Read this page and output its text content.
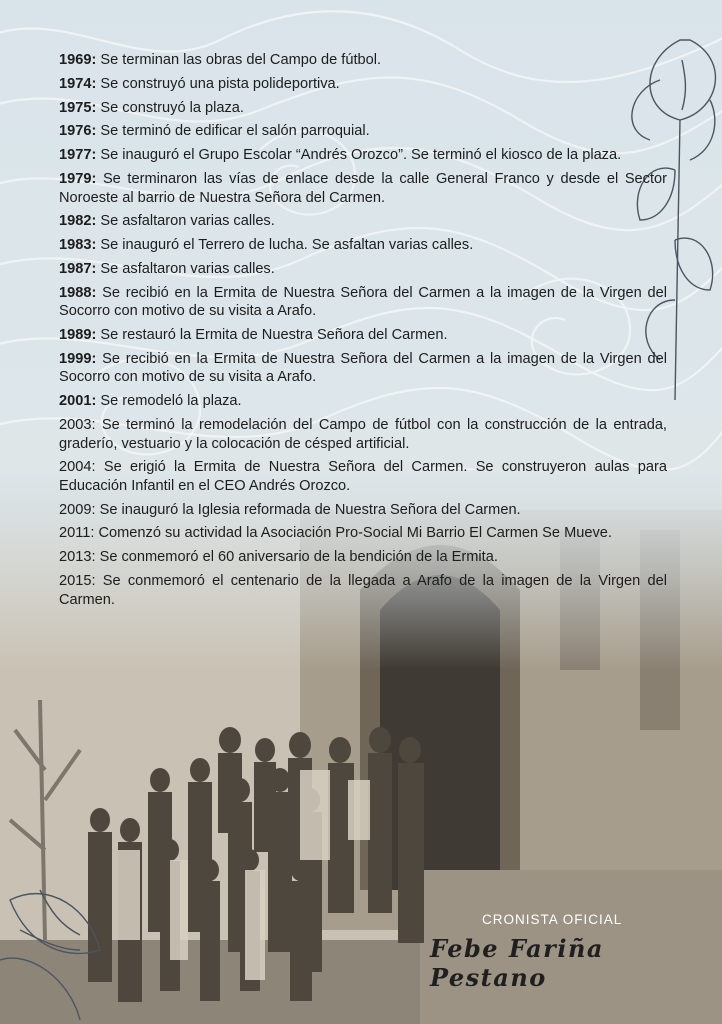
1969: Se terminan las obras del Campo de fútbol.
1974: Se construyó una pista polideportiva.
1975: Se construyó la plaza.
1976: Se terminó de edificar el salón parroquial.
1977: Se inauguró el Grupo Escolar “Andrés Orozco”. Se terminó el kiosco de la plaza.
1979: Se terminaron las vías de enlace desde la calle General Franco y desde el Sector Noroeste al barrio de Nuestra Señora del Carmen.
1982: Se asfaltaron varias calles.
1983: Se inauguró el Terrero de lucha. Se asfaltan varias calles.
1987: Se asfaltaron varias calles.
1988: Se recibió en la Ermita de Nuestra Señora del Carmen a la imagen de la Virgen del Socorro con motivo de su visita a Arafo.
1989: Se restauró la Ermita de Nuestra Señora del Carmen.
1999: Se recibió en la Ermita de Nuestra Señora del Carmen a la imagen de la Virgen del Socorro con motivo de su visita a Arafo.
2001: Se remodeló la plaza.
2003: Se terminó la remodelación del Campo de fútbol con la construcción de la entrada, graderío, vestuario y la colocación de césped artificial.
2004: Se erigió la Ermita de Nuestra Señora del Carmen. Se construyeron aulas para Educación Infantil en el CEO Andrés Orozco.
2009: Se inauguró la Iglesia reformada de Nuestra Señora del Carmen.
2011: Comenzó su actividad la Asociación Pro-Social Mi Barrio El Carmen Se Mueve.
2013: Se conmemoró el 60 aniversario de la bendición de la Ermita.
2015: Se conmemoró el centenario de la llegada a Arafo de la imagen de la Virgen del Carmen.
CRONISTA OFICIAL
Febe Fariña Pestano
